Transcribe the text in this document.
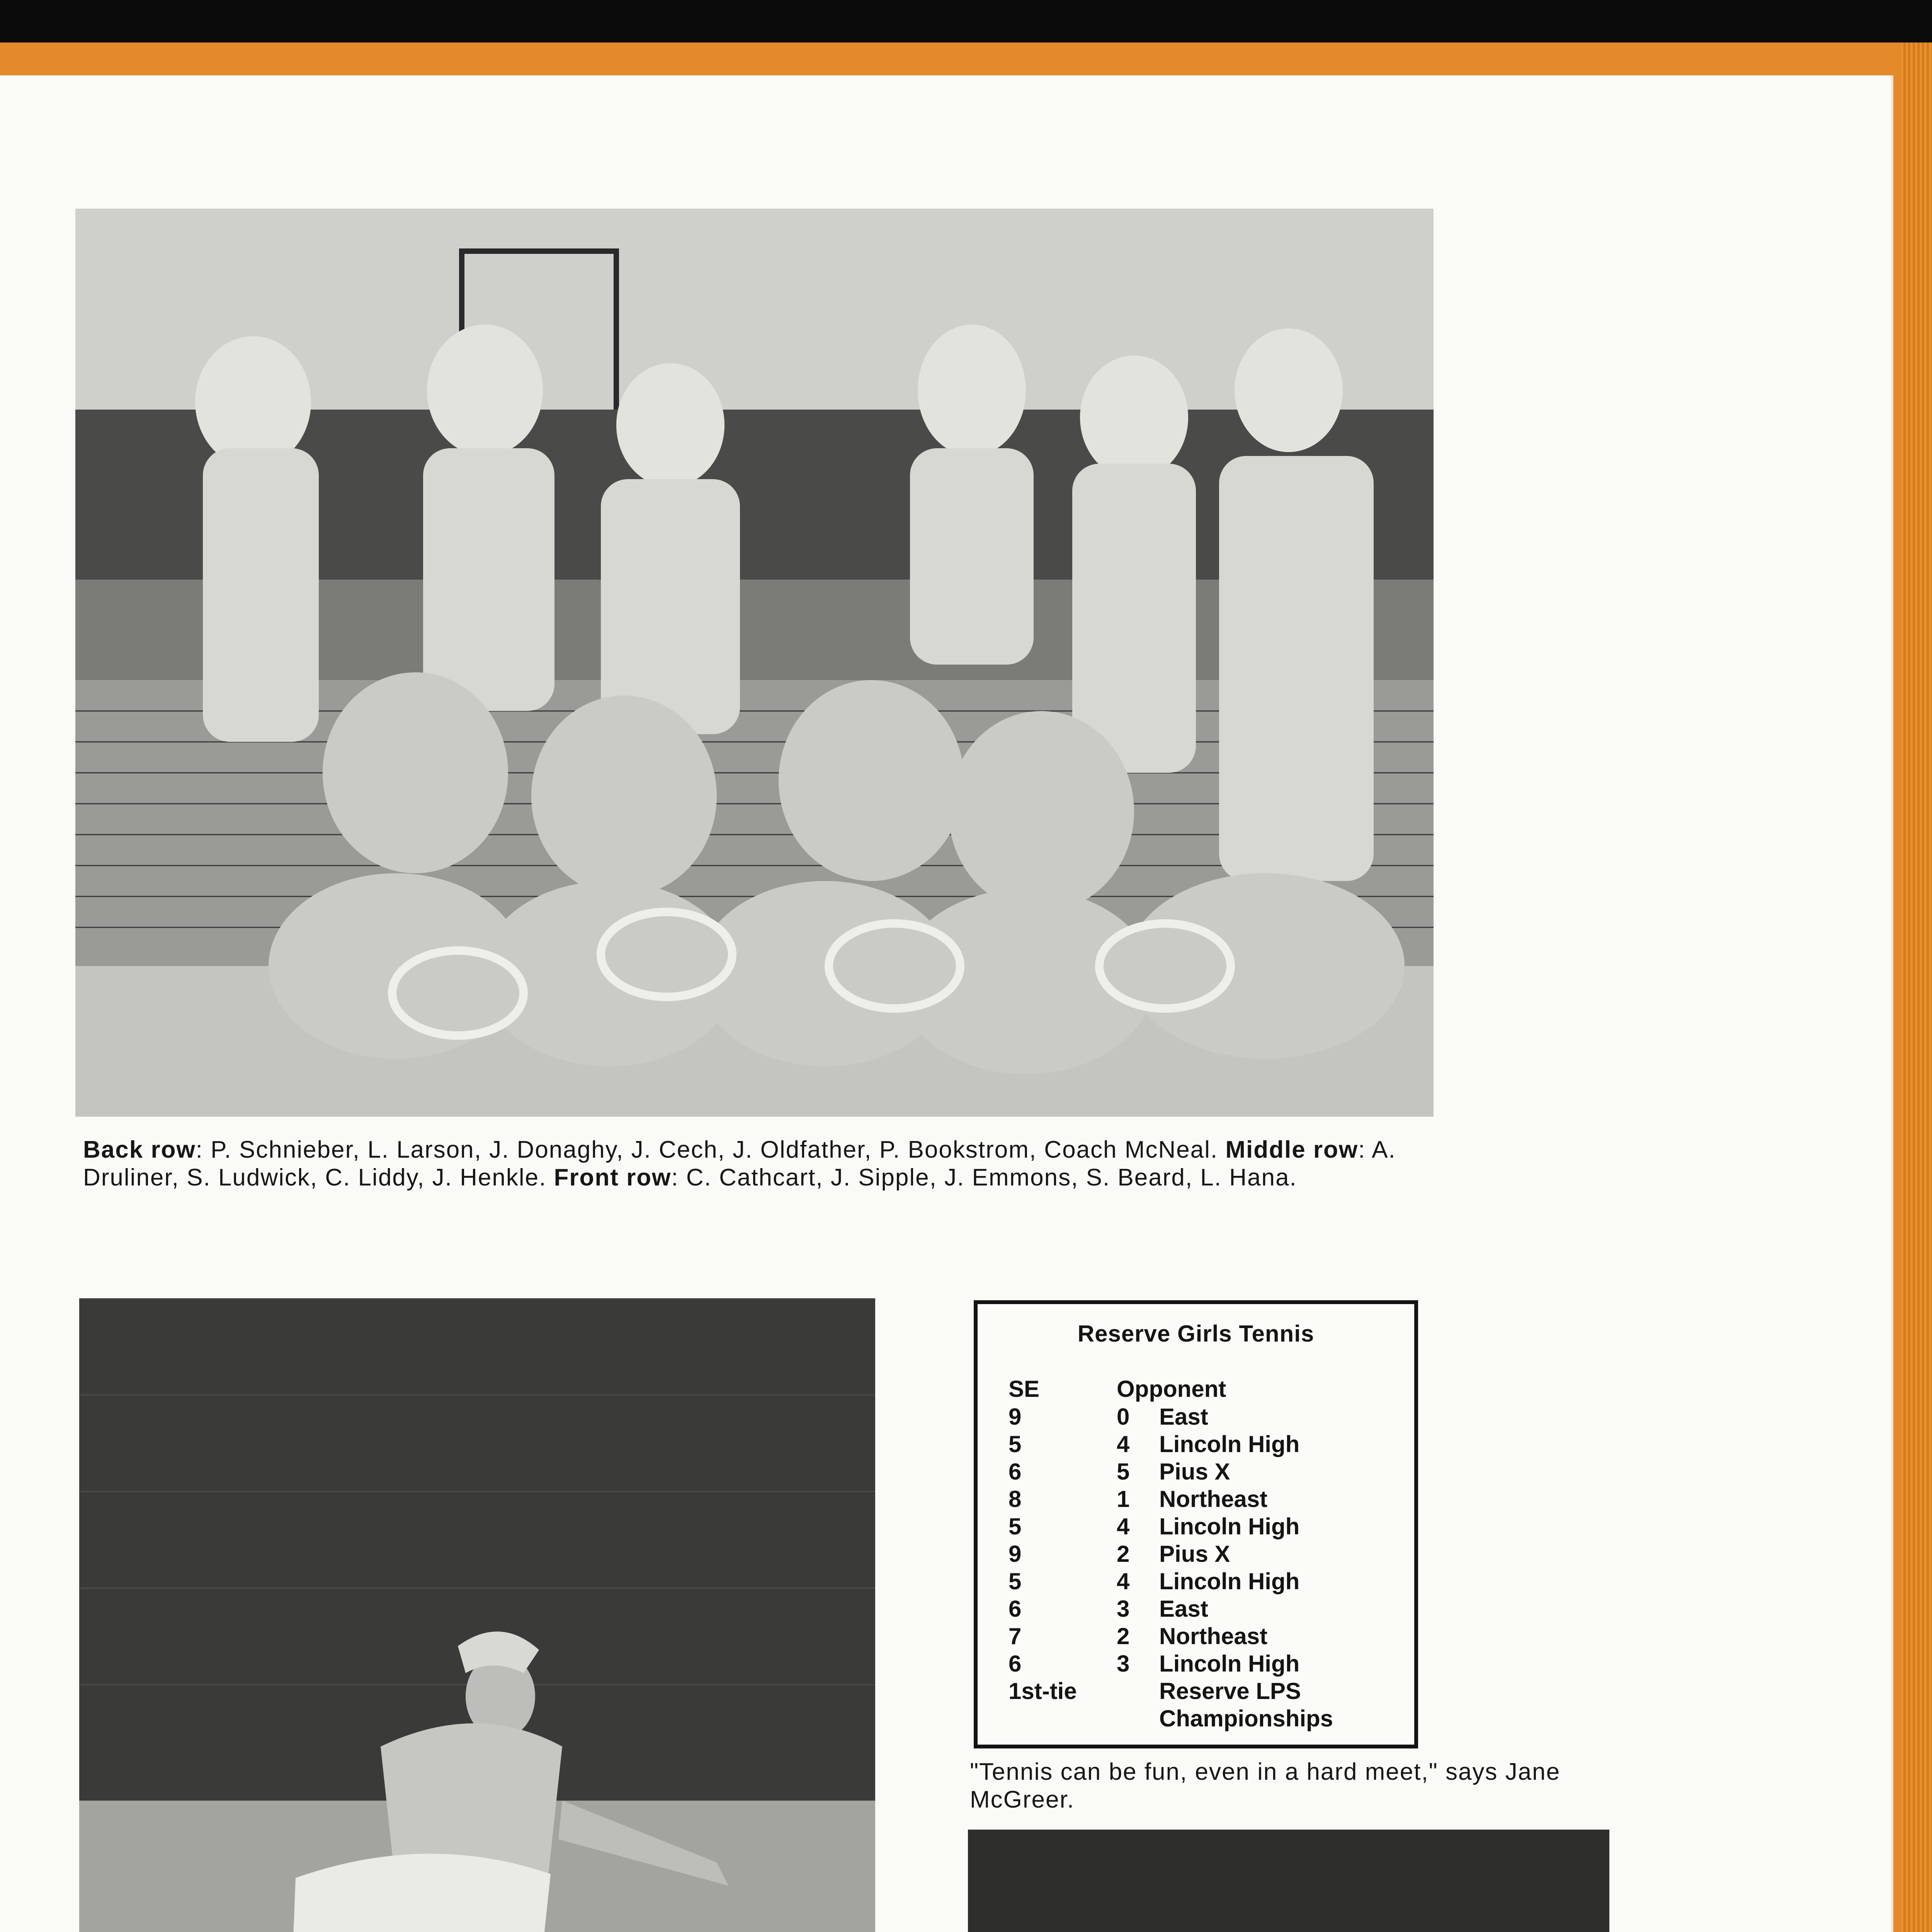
Back row: P. Schnieber, L. Larson, J. Donaghy, J. Cech, J. Oldfather, P. Bookstrom, Coach McNeal. Middle row: A. Druliner, S. Ludwick, C. Liddy, J. Henkle. Front row: C. Cathcart, J. Sipple, J. Emmons, S. Beard, L. Hana.
Reserve Girls Tennis
SE	Opponent
9	0 East
5	4 Lincoln High
6	5 Pius X
8	1 Northeast
5	4 Lincoln High
9	2 Pius X
5	4 Lincoln High
6	3 East
7	2 Northeast
6	3 Lincoln High
1st-tie	Reserve LPS
Championships
"Tennis can be fun, even in a hard meet," says Jane McGreer.
